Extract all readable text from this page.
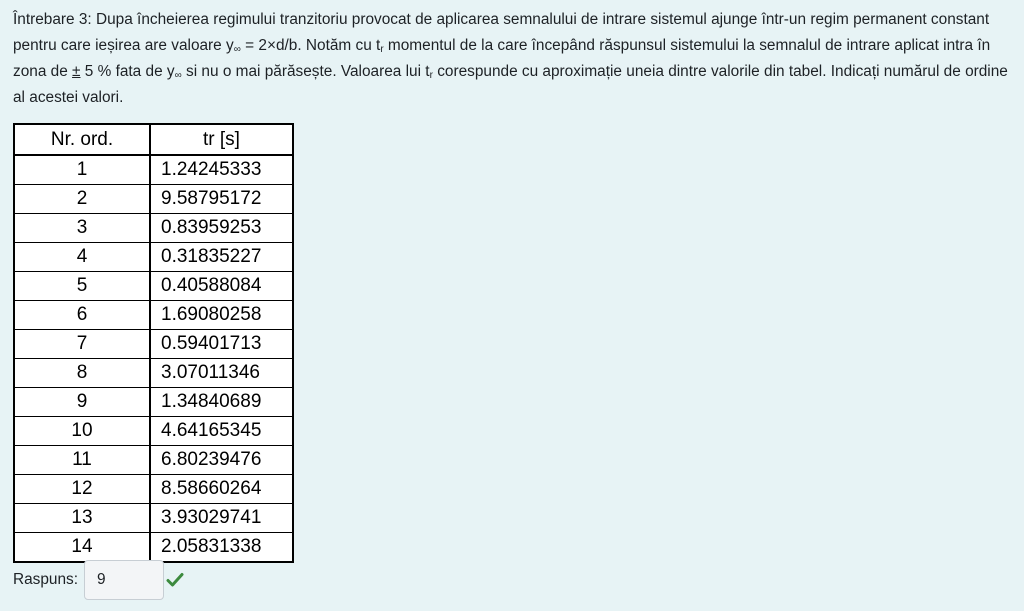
Întrebare 3: Dupa încheierea regimului tranzitoriu provocat de aplicarea semnalului de intrare sistemul ajunge într-un regim permanent constant pentru care ieșirea are valoare $y_\infty = 2\times d/b$. Notăm cu $t_r$ momentul de la care începând răspunsul sistemului la semnalul de intrare aplicat intra în zona de ± 5 % fata de $y_\infty$ si nu o mai părăsește. Valoarea lui $t_r$ corespunde cu aproximație uneia dintre valorile din tabel. Indicați numărul de ordine al acestei valori.
Nr. ord.	tr [s]
1	1.24245333
2	9.58795172
3	0.83959253
4	0.31835227
5	0.40588084
6	1.69080258
7	0.59401713
8	3.07011346
9	1.34840689
10	4.64165345
11	6.80239476
12	8.58660264
13	3.93029741
14	2.05831338
Raspuns:
9
